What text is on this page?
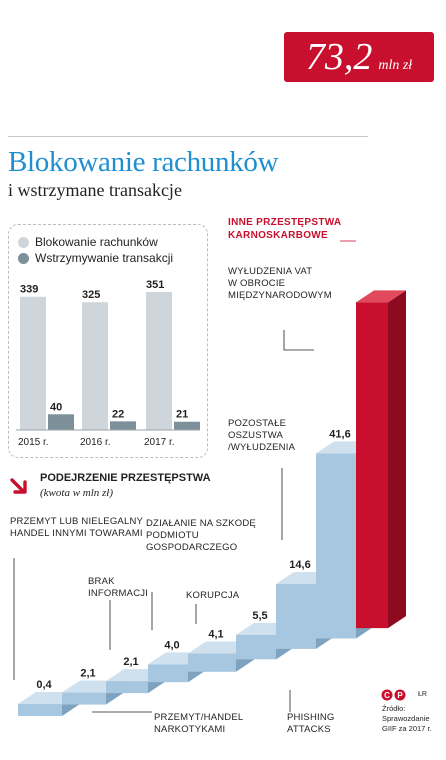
Blokowanie rachunków
i wstrzymane transakcje
Blokowanie rachunków
Wstrzymywanie transakcji
339
40
2015 r.
325
22
2016 r.
351
21
2017 r.
PODEJRZENIE PRZESTĘPSTWA
(kwota w mln zł)
0,4
2,1
2,1
4,0
4,1
5,5
14,6
41,6
PRZEMYT LUB NIELEGALNY HANDEL INNYMI TOWARAMI
BRAK INFORMACJI
PRZEMYT/HANDEL NARKOTYKAMI
DZIAŁANIE NA SZKODĘ PODMIOTU GOSPODARCZEGO
KORUPCJA
PHISHING ATTACKS
POZOSTAŁE OSZUSTWA /WYŁUDZENIA
WYŁUDZENIA VAT W OBROCIE MIĘDZYNARODOWYM
INNE PRZESTĘPSTWA KARNOSKARBOWE
73,2 mln zł
C P ŁR
Źródło: Sprawozdanie GIIF za 2017 r.
